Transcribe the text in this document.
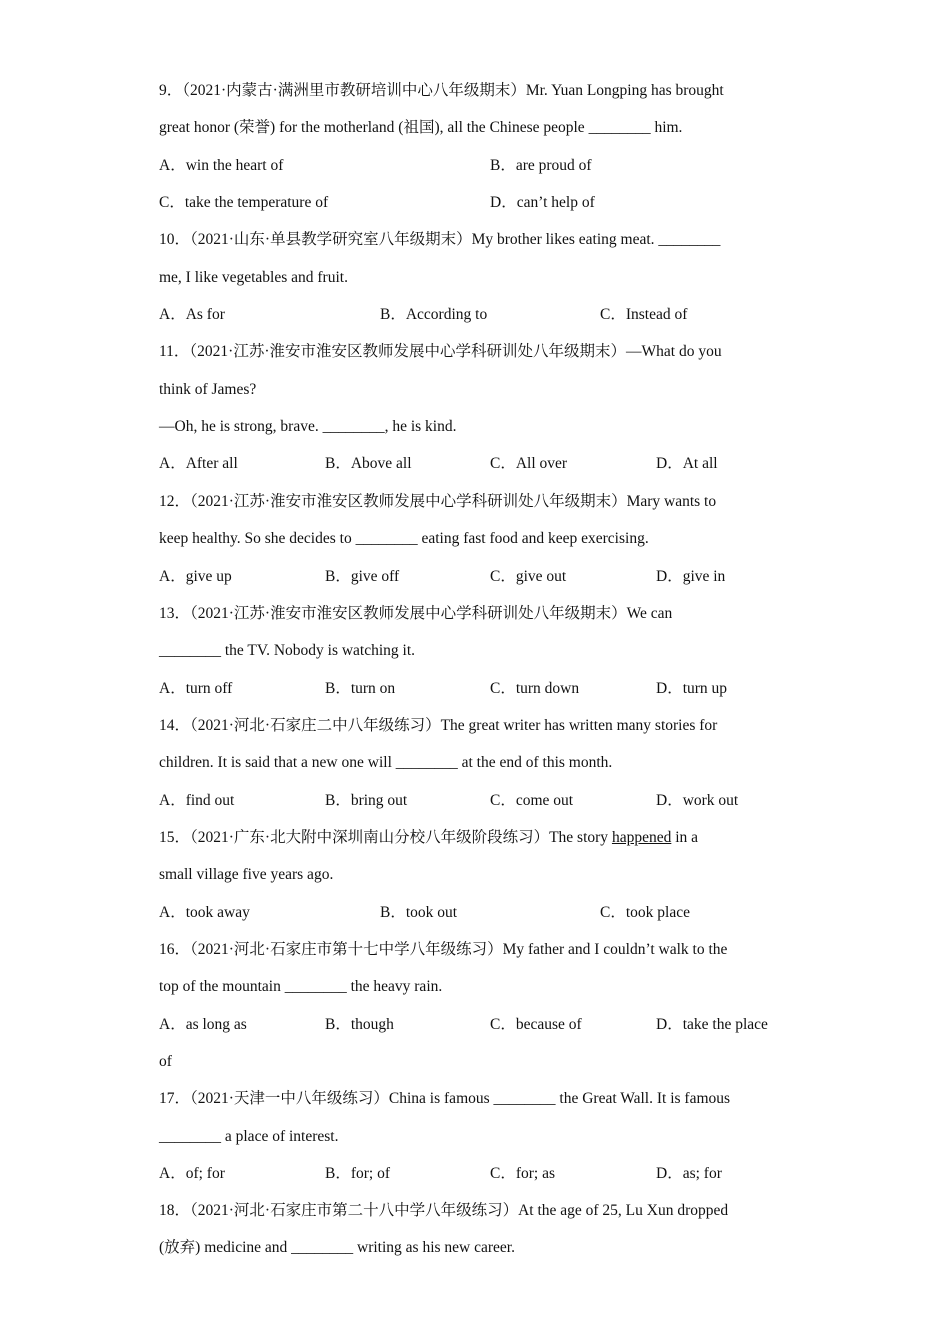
9．（2021·内蒙古·满洲里市教研培训中心八年级期末）Mr. Yuan Longping has brought
great honor (荣誉) for the motherland (祖国), all the Chinese people ________ him.
A．win the heart of	B．are proud of
C．take the temperature of	D．can’t help of
10．（2021·山东·单县教学研究室八年级期末）My brother likes eating meat. ________
me, I like vegetables and fruit.
A．As for	B．According to	C．Instead of
11．（2021·江苏·淮安市淮安区教师发展中心学科研训处八年级期末）—What do you
think of James?
—Oh, he is strong, brave. ________, he is kind.
A．After all	B．Above all	C．All over	D．At all
12．（2021·江苏·淮安市淮安区教师发展中心学科研训处八年级期末）Mary wants to
keep healthy. So she decides to ________ eating fast food and keep exercising.
A．give up	B．give off	C．give out	D．give in
13．（2021·江苏·淮安市淮安区教师发展中心学科研训处八年级期末）We can
________ the TV. Nobody is watching it.
A．turn off	B．turn on	C．turn down	D．turn up
14．（2021·河北·石家庄二中八年级练习）The great writer has written many stories for
children. It is said that a new one will ________ at the end of this month.
A．find out	B．bring out	C．come out	D．work out
15．（2021·广东·北大附中深圳南山分校八年级阶段练习）The story happened in a
small village five years ago.
A．took away	B．took out	C．took place
16．（2021·河北·石家庄市第十七中学八年级练习）My father and I couldn’t walk to the
top of the mountain ________ the heavy rain.
A．as long as	B．though	C．because of	D．take the place
of
17．（2021·天津一中八年级练习）China is famous ________ the Great Wall. It is famous
________ a place of interest.
A．of; for	B．for; of	C．for; as	D．as; for
18．（2021·河北·石家庄市第二十八中学八年级练习）At the age of 25, Lu Xun dropped
(放弃) medicine and ________ writing as his new career.
